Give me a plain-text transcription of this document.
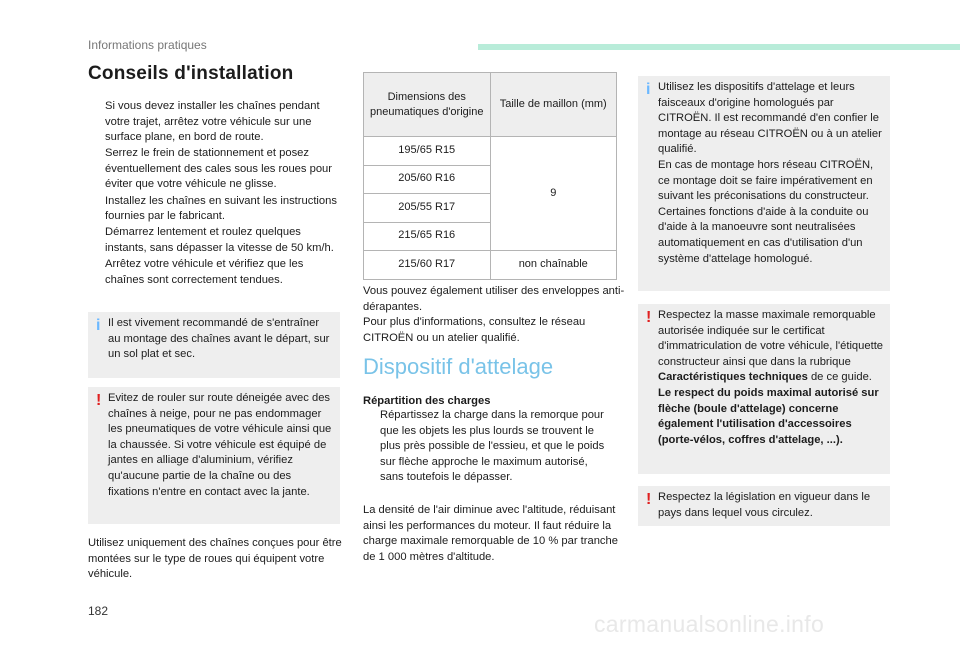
Informations pratiques
Conseils d'installation
Si vous devez installer les chaînes pendant votre trajet, arrêtez votre véhicule sur une surface plane, en bord de route.
Serrez le frein de stationnement et posez éventuellement des cales sous les roues pour éviter que votre véhicule ne glisse.
Installez les chaînes en suivant les instructions fournies par le fabricant.
Démarrez lentement et roulez quelques instants, sans dépasser la vitesse de 50 km/h.
Arrêtez votre véhicule et vérifiez que les chaînes sont correctement tendues.
i Il est vivement recommandé de s'entraîner au montage des chaînes avant le départ, sur un sol plat et sec.
! Evitez de rouler sur route déneigée avec des chaînes à neige, pour ne pas endommager les pneumatiques de votre véhicule ainsi que la chaussée. Si votre véhicule est équipé de jantes en alliage d'aluminium, vérifiez qu'aucune partie de la chaîne ou des fixations n'entre en contact avec la jante.
Utilisez uniquement des chaînes conçues pour être montées sur le type de roues qui équipent votre véhicule.
Dimensions des pneumatiques d'origine	Taille de maillon (mm)
195/65 R15	9
205/60 R16	
205/55 R17	
215/65 R16	
215/60 R17	non chaînable
Vous pouvez également utiliser des enveloppes anti-dérapantes.
Pour plus d'informations, consultez le réseau CITROËN ou un atelier qualifié.
Dispositif d'attelage
Répartition des charges
Répartissez la charge dans la remorque pour que les objets les plus lourds se trouvent le plus près possible de l'essieu, et que le poids sur flèche approche le maximum autorisé, sans toutefois le dépasser.
La densité de l'air diminue avec l'altitude, réduisant ainsi les performances du moteur. Il faut réduire la charge maximale remorquable de 10 % par tranche de 1 000 mètres d'altitude.
i Utilisez les dispositifs d'attelage et leurs faisceaux d'origine homologués par CITROËN. Il est recommandé d'en confier le montage au réseau CITROËN ou à un atelier qualifié.
En cas de montage hors réseau CITROËN, ce montage doit se faire impérativement en suivant les préconisations du constructeur.
Certaines fonctions d'aide à la conduite ou d'aide à la manoeuvre sont neutralisées automatiquement en cas d'utilisation d'un système d'attelage homologué.
! Respectez la masse maximale remorquable autorisée indiquée sur le certificat d'immatriculation de votre véhicule, l'étiquette constructeur ainsi que dans la rubrique Caractéristiques techniques de ce guide.
Le respect du poids maximal autorisé sur flèche (boule d'attelage) concerne également l'utilisation d'accessoires (porte-vélos, coffres d'attelage, ...).
! Respectez la législation en vigueur dans le pays dans lequel vous circulez.
182	carmanualsonline.info
